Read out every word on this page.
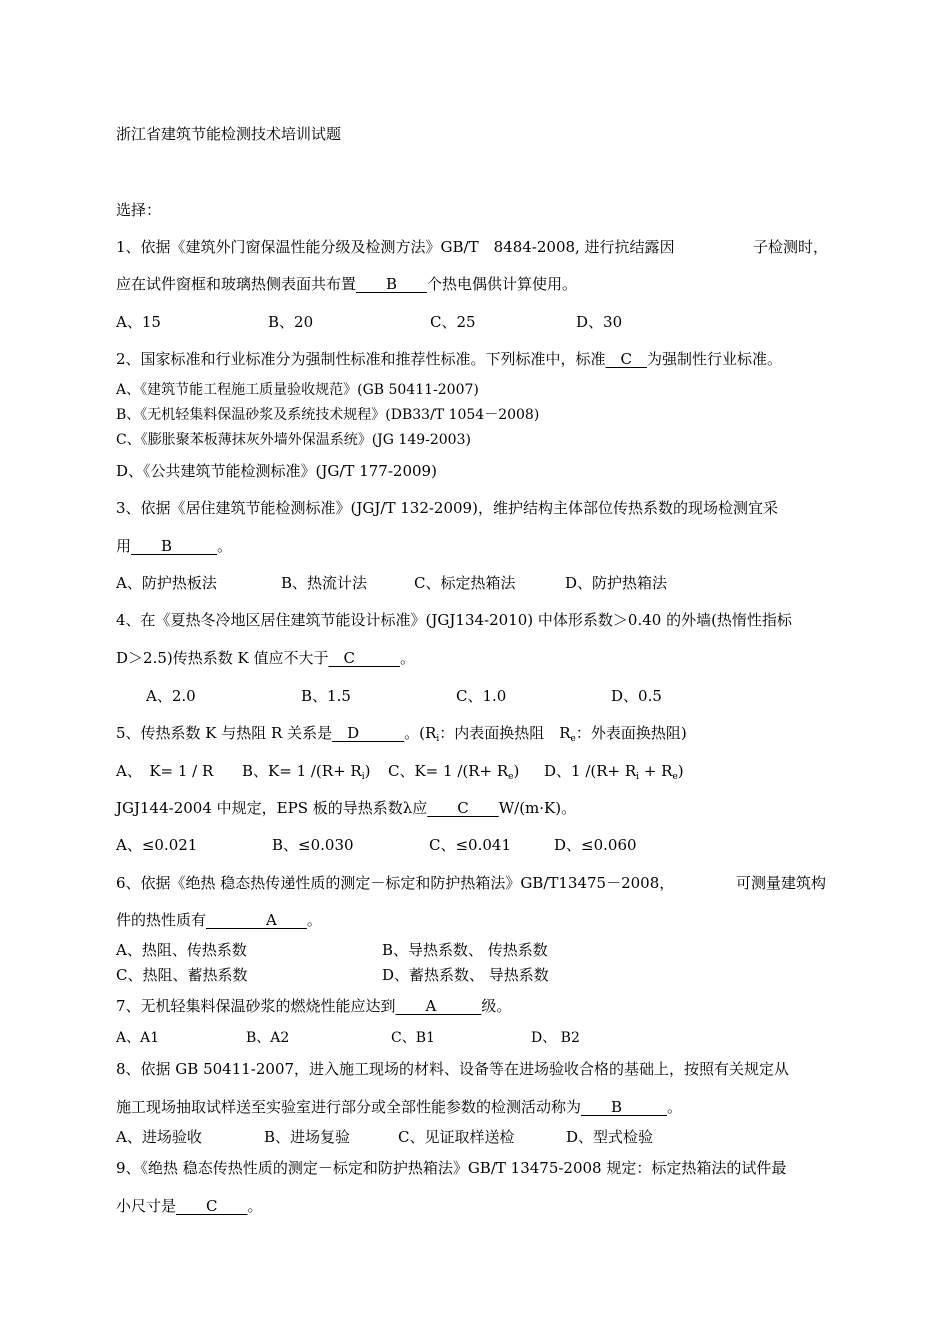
浙江省建筑节能检测技术培训试题
选择：
1、依据《建筑外门窗保温性能分级及检测方法》GB/T　8484-2008, 进行抗结露因	子检测时，
应在试件窗框和玻璃热侧表面共布置　　B　　个热电偶供计算使用。
A、15	B、20	C、25	D、30
2、国家标准和行业标准分为强制性标准和推荐性标准。下列标准中，标准　C　为强制性行业标准。
A、《建筑节能工程施工质量验收规范》(GB 50411-2007)
B、《无机轻集料保温砂浆及系统技术规程》(DB33/T 1054－2008)
C、《膨胀聚苯板薄抹灰外墙外保温系统》(JG 149-2003)
D、《公共建筑节能检测标准》(JG/T 177-2009)
3、依据《居住建筑节能检测标准》(JGJ/T 132-2009)，维护结构主体部位传热系数的现场检测宜采
用　　B　　　。
A、防护热板法	B、热流计法	C、标定热箱法	D、防护热箱法
4、在《夏热冬冷地区居住建筑节能设计标准》(JGJ134-2010) 中体形系数＞0.40 的外墙(热惰性指标
D＞2.5)传热系数 K 值应不大于　C　　　。
A、2.0	B、1.5	C、1.0	D、0.5
5、传热系数 K 与热阻 R 关系是　D　　　。($R_i$：内表面换热阻　$R_e$：外表面换热阻)
A、　K= 1 / R B、K= 1 $/(R+ R_i)$ C、K= 1 $/(R+ R_e)$ D、1 $/(R+ R_i + R_e)$
JGJ144-2004 中规定，EPS 板的导热系数λ应　　C　　W/(m·K)。
A、≤0.021	B、≤0.030	C、≤0.041	D、≤0.060
6、依据《绝热 稳态热传递性质的测定－标定和防护热箱法》GB/T13475－2008，	可测量建筑构
件的热性质有　　　　A　　。
A、热阻、传热系数	B、导热系数、 传热系数
C、热阻、蓄热系数	D、蓄热系数、 导热系数
7、无机轻集料保温砂浆的燃烧性能应达到　　A　　　级。
A、A1	B、A2	C、B1	D、 B2
8、依据 GB 50411-2007，进入施工现场的材料、设备等在进场验收合格的基础上，按照有关规定从
施工现场抽取试样送至实验室进行部分或全部性能参数的检测活动称为　　B　　　。
A、进场验收	B、进场复验	C、见证取样送检	D、型式检验
9、《绝热 稳态传热性质的测定－标定和防护热箱法》GB/T 13475-2008 规定：标定热箱法的试件最
小尺寸是　　C　　。
